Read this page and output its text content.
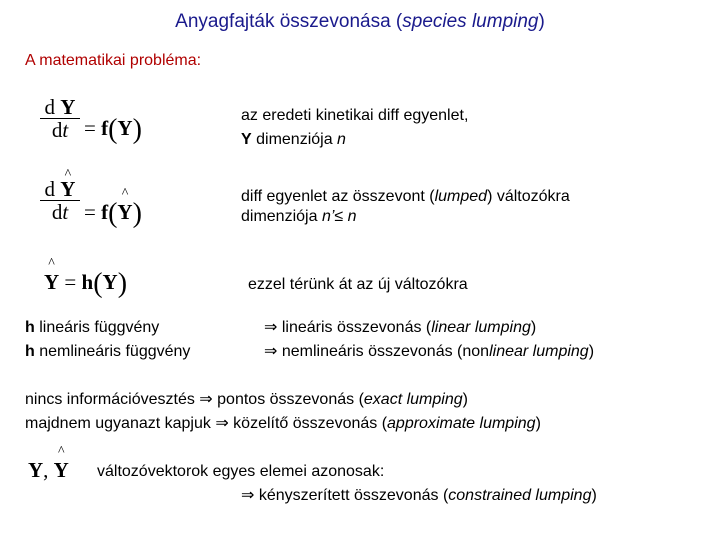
Anyagfajták összevonása (species lumping)
A matematikai probléma:
d Y
dt = f(Y)	az eredeti kinetikai diff egyenlet,
Y dimenziója n
d ^ Y
dt = f(^ Y)
diff egyenlet az összevont (lumped) változókra
dimenziója n’≤ n
^ Y = h(Y)	ezzel térünk át az új változókra
h lineáris függvény	⇒ lineáris összevonás (linear lumping)
h nemlineáris függvény	⇒ nemlineáris összevonás (nonlinear lumping)
nincs információvesztés ⇒ pontos összevonás (exact lumping)
majdnem ugyanazt kapjuk ⇒ közelítő összevonás (approximate lumping)
Y, ^ Y változóvektorok egyes elemei azonosak:
⇒ kényszerített összevonás (constrained lumping)
